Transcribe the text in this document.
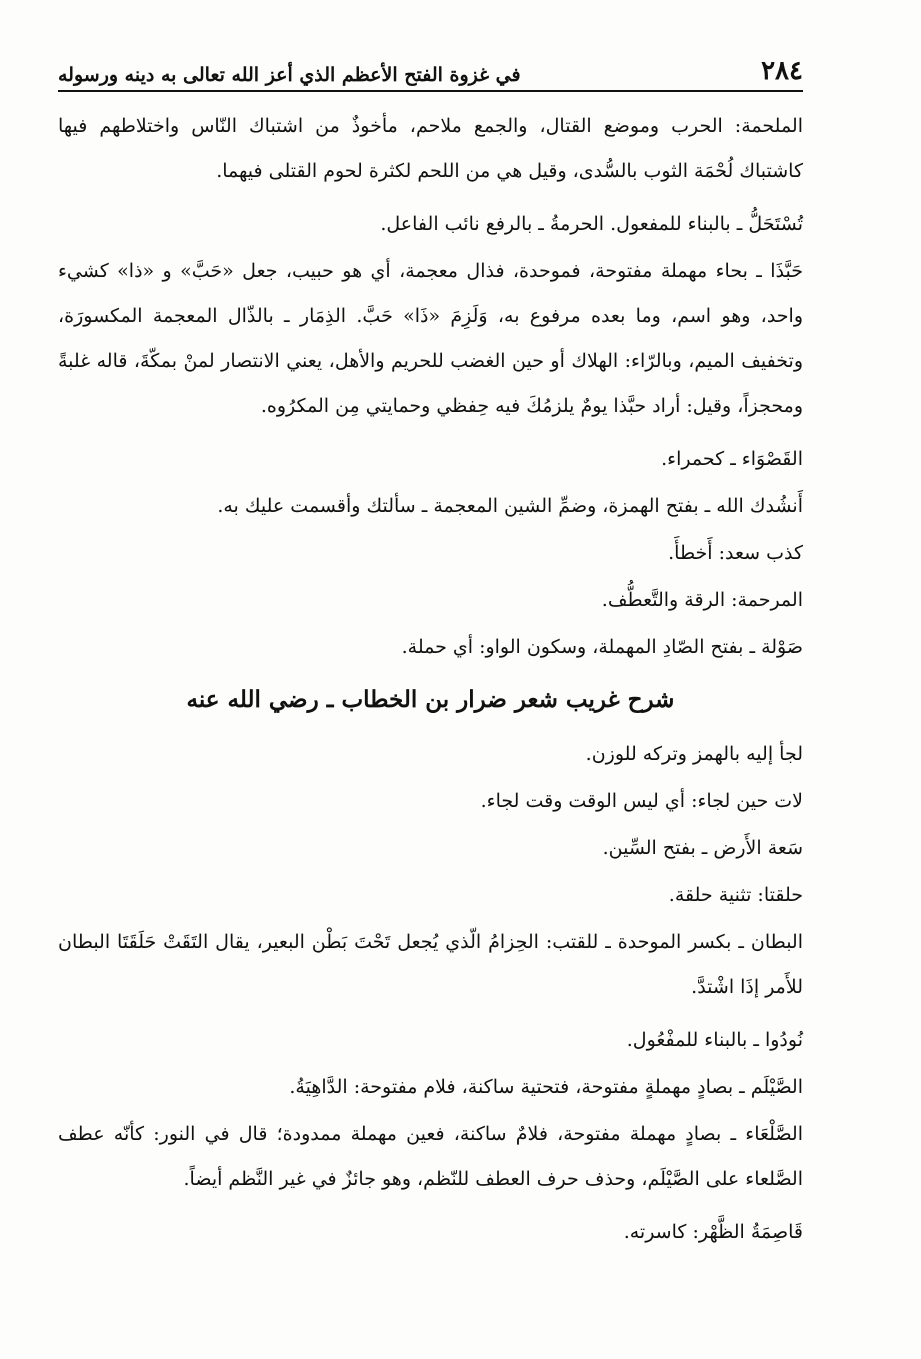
٢٨٤
في غزوة الفتح الأعظم الذي أعز الله تعالى به دينه ورسوله

الملحمة: الحرب وموضع القتال، والجمع ملاحم، مأخوذٌ من اشتباك النّاس واختلاطهم فيها كاشتباك لُحْمَة الثوب بالسُّدى، وقيل هي من اللحم لكثرة لحوم القتلى فيهما.

تُسْتَحَلُّ ـ بالبناء للمفعول. الحرمةُ ـ بالرفع نائب الفاعل.

حَبَّذَا ـ بحاء مهملة مفتوحة، فموحدة، فذال معجمة، أي هو حبيب، جعل «حَبَّ» و «ذا» كشيء واحد، وهو اسم، وما بعده مرفوع به، وَلَزِمَ «ذَا» حَبَّ. الذِمَار ـ بالذّال المعجمة المكسورَة، وتخفيف الميم، وبالرّاء: الهلاك أو حين الغضب للحريم والأهل، يعني الانتصار لمنْ بمكّةَ، قاله غلبةً ومحجزاً، وقيل: أراد حبَّذا يومٌ يلزمُكَ فيه حِفظي وحمايتي مِن المكرُوه.

القَصْوَاء ـ كحمراء.

أَنشُدك الله ـ بفتح الهمزة، وضمِّ الشين المعجمة ـ سألتك وأقسمت عليك به.

كذب سعد: أَخطأَ.

المرحمة: الرقة والتَّعطُّف.

صَوْلة ـ بفتح الصّادِ المهملة، وسكون الواو: أي حملة.

شرح غريب شعر ضرار بن الخطاب ـ رضي الله عنه

لجأ إليه بالهمز وتركه للوزن.

لات حين لجاء: أي ليس الوقت وقت لجاء.

سَعة الأَرض ـ بفتح السِّين.

حلقتا: تثنية حلقة.

البطان ـ بكسر الموحدة ـ للقتب: الحِزامُ الّذي يُجعل تَحْتَ بَطْن البعير، يقال التَقَتْ حَلَقَتَا البطان للأَمر إذَا اشْتدَّ.

نُودُوا ـ بالبناء للمفْعُول.

الصَّيْلَم ـ بصادٍ مهملةٍ مفتوحة، فتحتية ساكنة، فلام مفتوحة: الدَّاهِيَةُ.

الصَّلْعَاء ـ بصادٍ مهملة مفتوحة، فلامٌ ساكنة، فعين مهملة ممدودة؛ قال في النور: كأنّه عطف الصَّلعاء على الصَّيْلَم، وحذف حرف العطف للنّظم، وهو جائزٌ في غير النَّظم أيضاً.

قَاصِمَةُ الظَّهْر: كاسرته.
